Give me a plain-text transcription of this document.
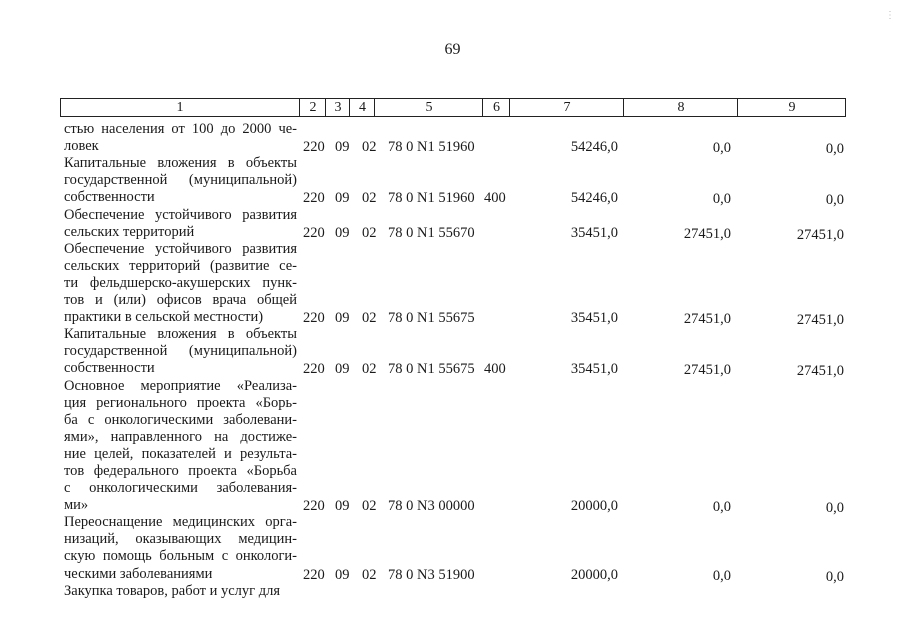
69
1	2	3	4	5	6	7	8	9
стью населения от 100 до 2000 че-
ловек	220 09 02 78 0 N1 51960	54246,0	0,0	0,0
Капитальные вложения в объекты
государственной (муниципальной)
собственности	220 09 02 78 0 N1 51960 400	54246,0	0,0	0,0
Обеспечение устойчивого развития
сельских территорий	220 09 02 78 0 N1 55670	35451,0	27451,0	27451,0
Обеспечение устойчивого развития
сельских территорий (развитие се-
ти фельдшерско-акушерских пунк-
тов и (или) офисов врача общей
практики в сельской местности)	220 09 02 78 0 N1 55675	35451,0	27451,0	27451,0
Капитальные вложения в объекты
государственной (муниципальной)
собственности	220 09 02 78 0 N1 55675 400	35451,0	27451,0	27451,0
Основное мероприятие «Реализа-
ция регионального проекта «Борь-
ба с онкологическими заболевани-
ями», направленного на достиже-
ние целей, показателей и результа-
тов федерального проекта «Борьба
с онкологическими заболевания-
ми»	220 09 02 78 0 N3 00000	20000,0	0,0	0,0
Переоснащение медицинских орга-
низаций, оказывающих медицин-
скую помощь больным с онкологи-
ческими заболеваниями	220 09 02 78 0 N3 51900	20000,0	0,0	0,0
Закупка товаров, работ и услуг для
⋮
